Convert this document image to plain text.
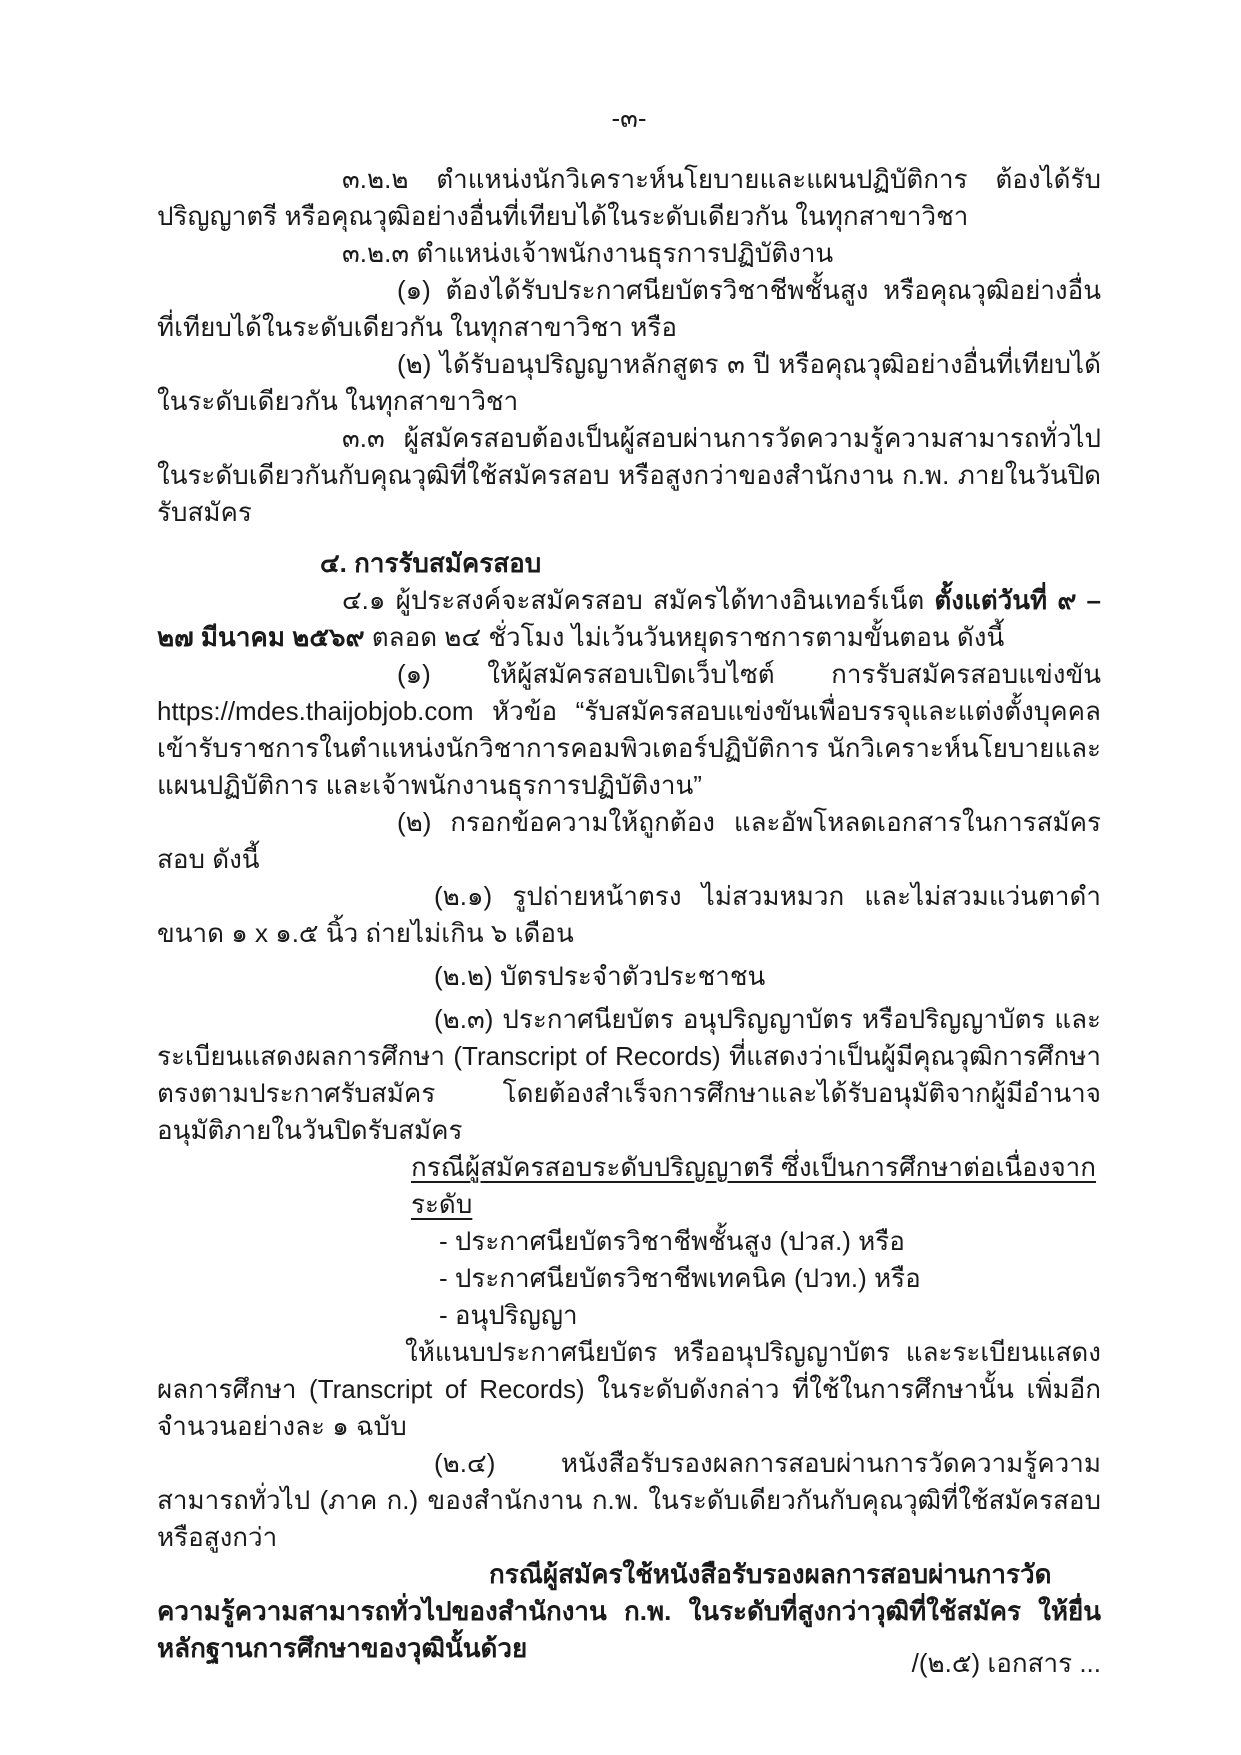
-๓-

๓.๒.๒ ตำแหน่งนักวิเคราะห์นโยบายและแผนปฏิบัติการ ต้องได้รับปริญญาตรี หรือคุณวุฒิอย่างอื่นที่เทียบได้ในระดับเดียวกัน ในทุกสาขาวิชา

๓.๒.๓ ตำแหน่งเจ้าพนักงานธุรการปฏิบัติงาน

(๑) ต้องได้รับประกาศนียบัตรวิชาชีพชั้นสูง หรือคุณวุฒิอย่างอื่นที่เทียบได้ในระดับเดียวกัน ในทุกสาขาวิชา หรือ

(๒) ได้รับอนุปริญญาหลักสูตร ๓ ปี หรือคุณวุฒิอย่างอื่นที่เทียบได้ในระดับเดียวกัน ในทุกสาขาวิชา

๓.๓ ผู้สมัครสอบต้องเป็นผู้สอบผ่านการวัดความรู้ความสามารถทั่วไป ในระดับเดียวกันกับคุณวุฒิที่ใช้สมัครสอบ หรือสูงกว่าของสำนักงาน ก.พ. ภายในวันปิดรับสมัคร

๔. การรับสมัครสอบ

๔.๑ ผู้ประสงค์จะสมัครสอบ สมัครได้ทางอินเทอร์เน็ต ตั้งแต่วันที่ ๙ – ๒๗ มีนาคม ๒๕๖๙ ตลอด ๒๔ ชั่วโมง ไม่เว้นวันหยุดราชการตามขั้นตอน ดังนี้

(๑) ให้ผู้สมัครสอบเปิดเว็บไซต์ การรับสมัครสอบแข่งขัน https://mdes.thaijobjob.com หัวข้อ “รับสมัครสอบแข่งขันเพื่อบรรจุและแต่งตั้งบุคคลเข้ารับราชการในตำแหน่งนักวิชาการคอมพิวเตอร์ปฏิบัติการ นักวิเคราะห์นโยบายและแผนปฏิบัติการ และเจ้าพนักงานธุรการปฏิบัติงาน”

(๒) กรอกข้อความให้ถูกต้อง และอัพโหลดเอกสารในการสมัครสอบ ดังนี้

(๒.๑) รูปถ่ายหน้าตรง ไม่สวมหมวก และไม่สวมแว่นตาดำ ขนาด ๑ x ๑.๕ นิ้ว ถ่ายไม่เกิน ๖ เดือน

(๒.๒) บัตรประจำตัวประชาชน

(๒.๓) ประกาศนียบัตร อนุปริญญาบัตร หรือปริญญาบัตร และระเบียนแสดงผลการศึกษา (Transcript of Records) ที่แสดงว่าเป็นผู้มีคุณวุฒิการศึกษาตรงตามประกาศรับสมัคร โดยต้องสำเร็จการศึกษาและได้รับอนุมัติจากผู้มีอำนาจอนุมัติภายในวันปิดรับสมัคร

กรณีผู้สมัครสอบระดับปริญญาตรี ซึ่งเป็นการศึกษาต่อเนื่องจากระดับ

- ประกาศนียบัตรวิชาชีพชั้นสูง (ปวส.) หรือ

- ประกาศนียบัตรวิชาชีพเทคนิค (ปวท.) หรือ

- อนุปริญญา

ให้แนบประกาศนียบัตร หรืออนุปริญญาบัตร และระเบียนแสดงผลการศึกษา (Transcript of Records) ในระดับดังกล่าว ที่ใช้ในการศึกษานั้น เพิ่มอีกจำนวนอย่างละ ๑ ฉบับ

(๒.๔) หนังสือรับรองผลการสอบผ่านการวัดความรู้ความสามารถทั่วไป (ภาค ก.) ของสำนักงาน ก.พ. ในระดับเดียวกันกับคุณวุฒิที่ใช้สมัครสอบ หรือสูงกว่า

กรณีผู้สมัครใช้หนังสือรับรองผลการสอบผ่านการวัดความรู้ความสามารถทั่วไปของสำนักงาน ก.พ. ในระดับที่สูงกว่าวุฒิที่ใช้สมัคร ให้ยื่นหลักฐานการศึกษาของวุฒินั้นด้วย	/(๒.๕) เอกสาร ...
